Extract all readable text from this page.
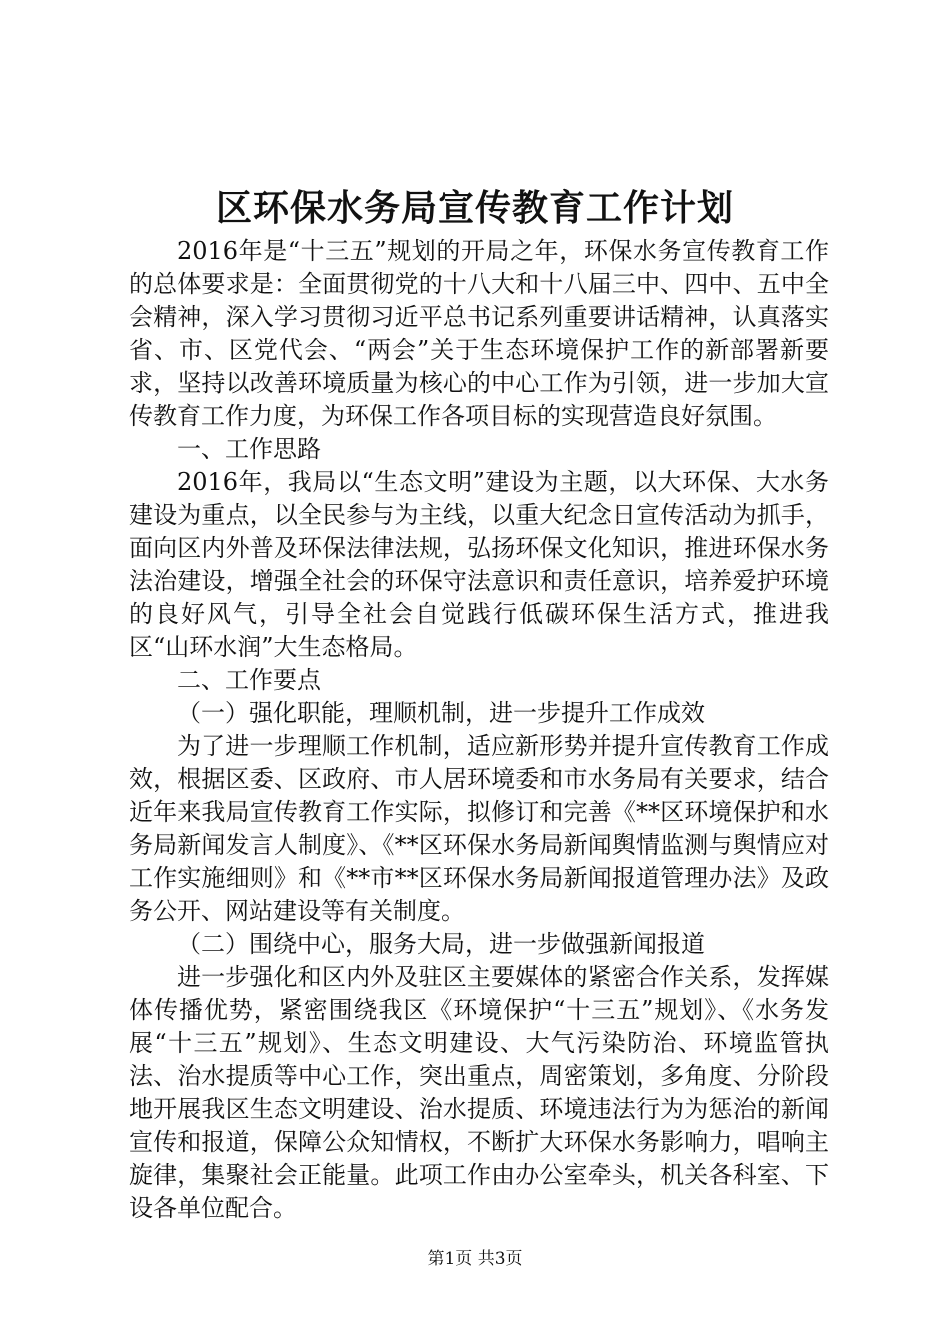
区环保水务局宣传教育工作计划

2016年是“十三五”规划的开局之年，环保水务宣传教育工作的总体要求是：全面贯彻党的十八大和十八届三中、四中、五中全会精神，深入学习贯彻习近平总书记系列重要讲话精神，认真落实省、市、区党代会、“两会”关于生态环境保护工作的新部署新要求，坚持以改善环境质量为核心的中心工作为引领，进一步加大宣传教育工作力度，为环保工作各项目标的实现营造良好氛围。

一、工作思路

2016年，我局以“生态文明”建设为主题，以大环保、大水务建设为重点，以全民参与为主线，以重大纪念日宣传活动为抓手，面向区内外普及环保法律法规，弘扬环保文化知识，推进环保水务法治建设，增强全社会的环保守法意识和责任意识，培养爱护环境的良好风气，引导全社会自觉践行低碳环保生活方式，推进我区“山环水润”大生态格局。

二、工作要点

（一）强化职能，理顺机制，进一步提升工作成效

为了进一步理顺工作机制，适应新形势并提升宣传教育工作成效，根据区委、区政府、市人居环境委和市水务局有关要求，结合近年来我局宣传教育工作实际，拟修订和完善《**区环境保护和水务局新闻发言人制度》、《**区环保水务局新闻舆情监测与舆情应对工作实施细则》和《**市**区环保水务局新闻报道管理办法》及政务公开、网站建设等有关制度。

（二）围绕中心，服务大局，进一步做强新闻报道

进一步强化和区内外及驻区主要媒体的紧密合作关系，发挥媒体传播优势，紧密围绕我区《环境保护“十三五”规划》、《水务发展“十三五”规划》、生态文明建设、大气污染防治、环境监管执法、治水提质等中心工作，突出重点，周密策划，多角度、分阶段地开展我区生态文明建设、治水提质、环境违法行为为惩治的新闻宣传和报道，保障公众知情权，不断扩大环保水务影响力，唱响主旋律，集聚社会正能量。此项工作由办公室牵头，机关各科室、下设各单位配合。

第1页 共3页
